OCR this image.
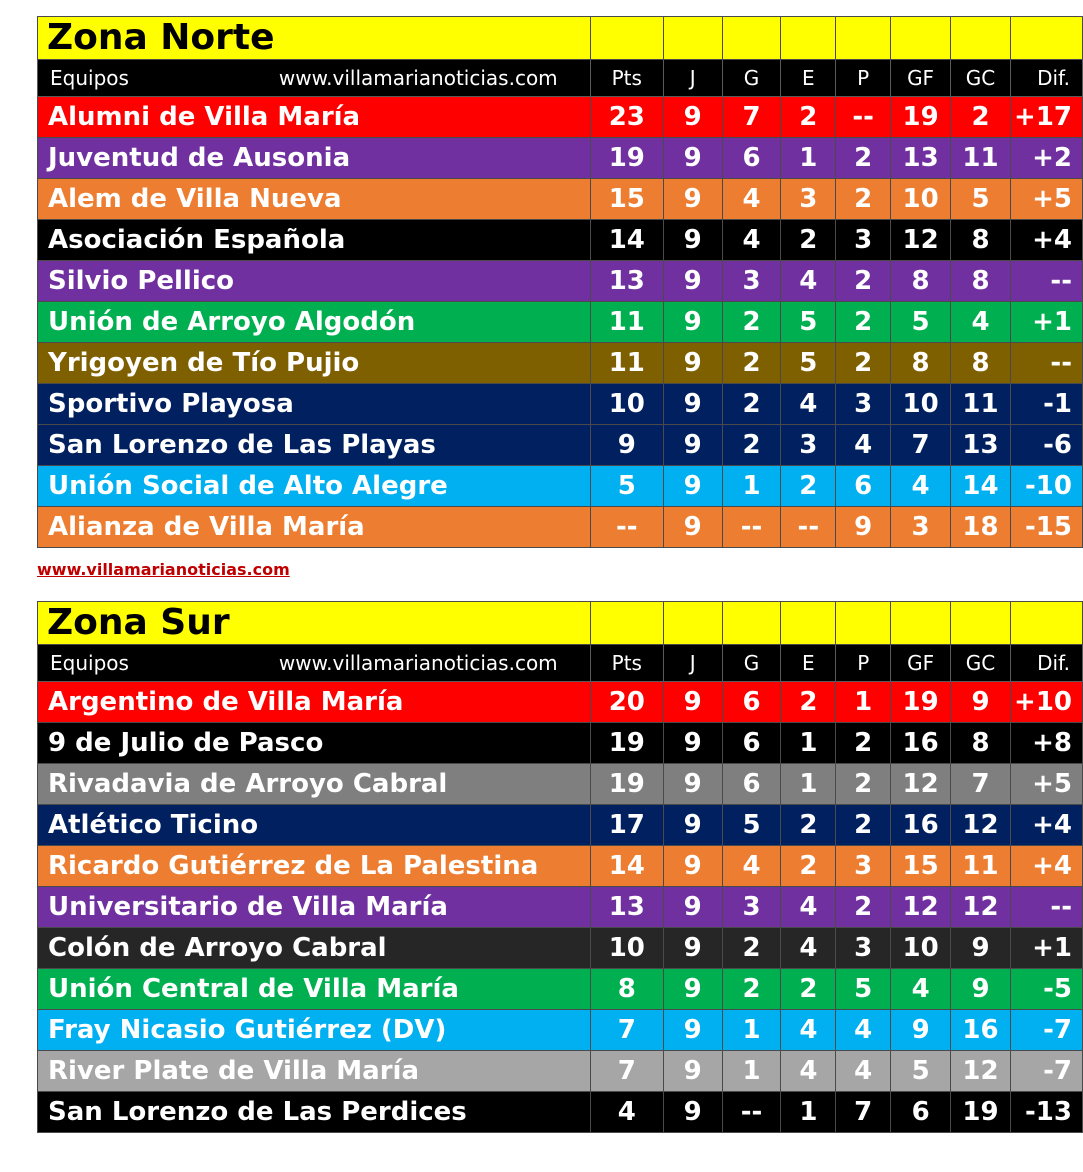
Zona Norte								
Equipos www.villamarianoticias.com	Pts	J	G	E	P	GF	GC	Dif.
Alumni de Villa María	23	9	7	2	--	19	2	+17
Juventud de Ausonia	19	9	6	1	2	13	11	+2
Alem de Villa Nueva	15	9	4	3	2	10	5	+5
Asociación Española	14	9	4	2	3	12	8	+4
Silvio Pellico	13	9	3	4	2	8	8	--
Unión de Arroyo Algodón	11	9	2	5	2	5	4	+1
Yrigoyen de Tío Pujio	11	9	2	5	2	8	8	--
Sportivo Playosa	10	9	2	4	3	10	11	-1
San Lorenzo de Las Playas	9	9	2	3	4	7	13	-6
Unión Social de Alto Alegre	5	9	1	2	6	4	14	-10
Alianza de Villa María	--	9	--	--	9	3	18	-15
www.villamarianoticias.com
Zona Sur								
Equipos www.villamarianoticias.com	Pts	J	G	E	P	GF	GC	Dif.
Argentino de Villa María	20	9	6	2	1	19	9	+10
9 de Julio de Pasco	19	9	6	1	2	16	8	+8
Rivadavia de Arroyo Cabral	19	9	6	1	2	12	7	+5
Atlético Ticino	17	9	5	2	2	16	12	+4
Ricardo Gutiérrez de La Palestina	14	9	4	2	3	15	11	+4
Universitario de Villa María	13	9	3	4	2	12	12	--
Colón de Arroyo Cabral	10	9	2	4	3	10	9	+1
Unión Central de Villa María	8	9	2	2	5	4	9	-5
Fray Nicasio Gutiérrez (DV)	7	9	1	4	4	9	16	-7
River Plate de Villa María	7	9	1	4	4	5	12	-7
San Lorenzo de Las Perdices	4	9	--	1	7	6	19	-13
